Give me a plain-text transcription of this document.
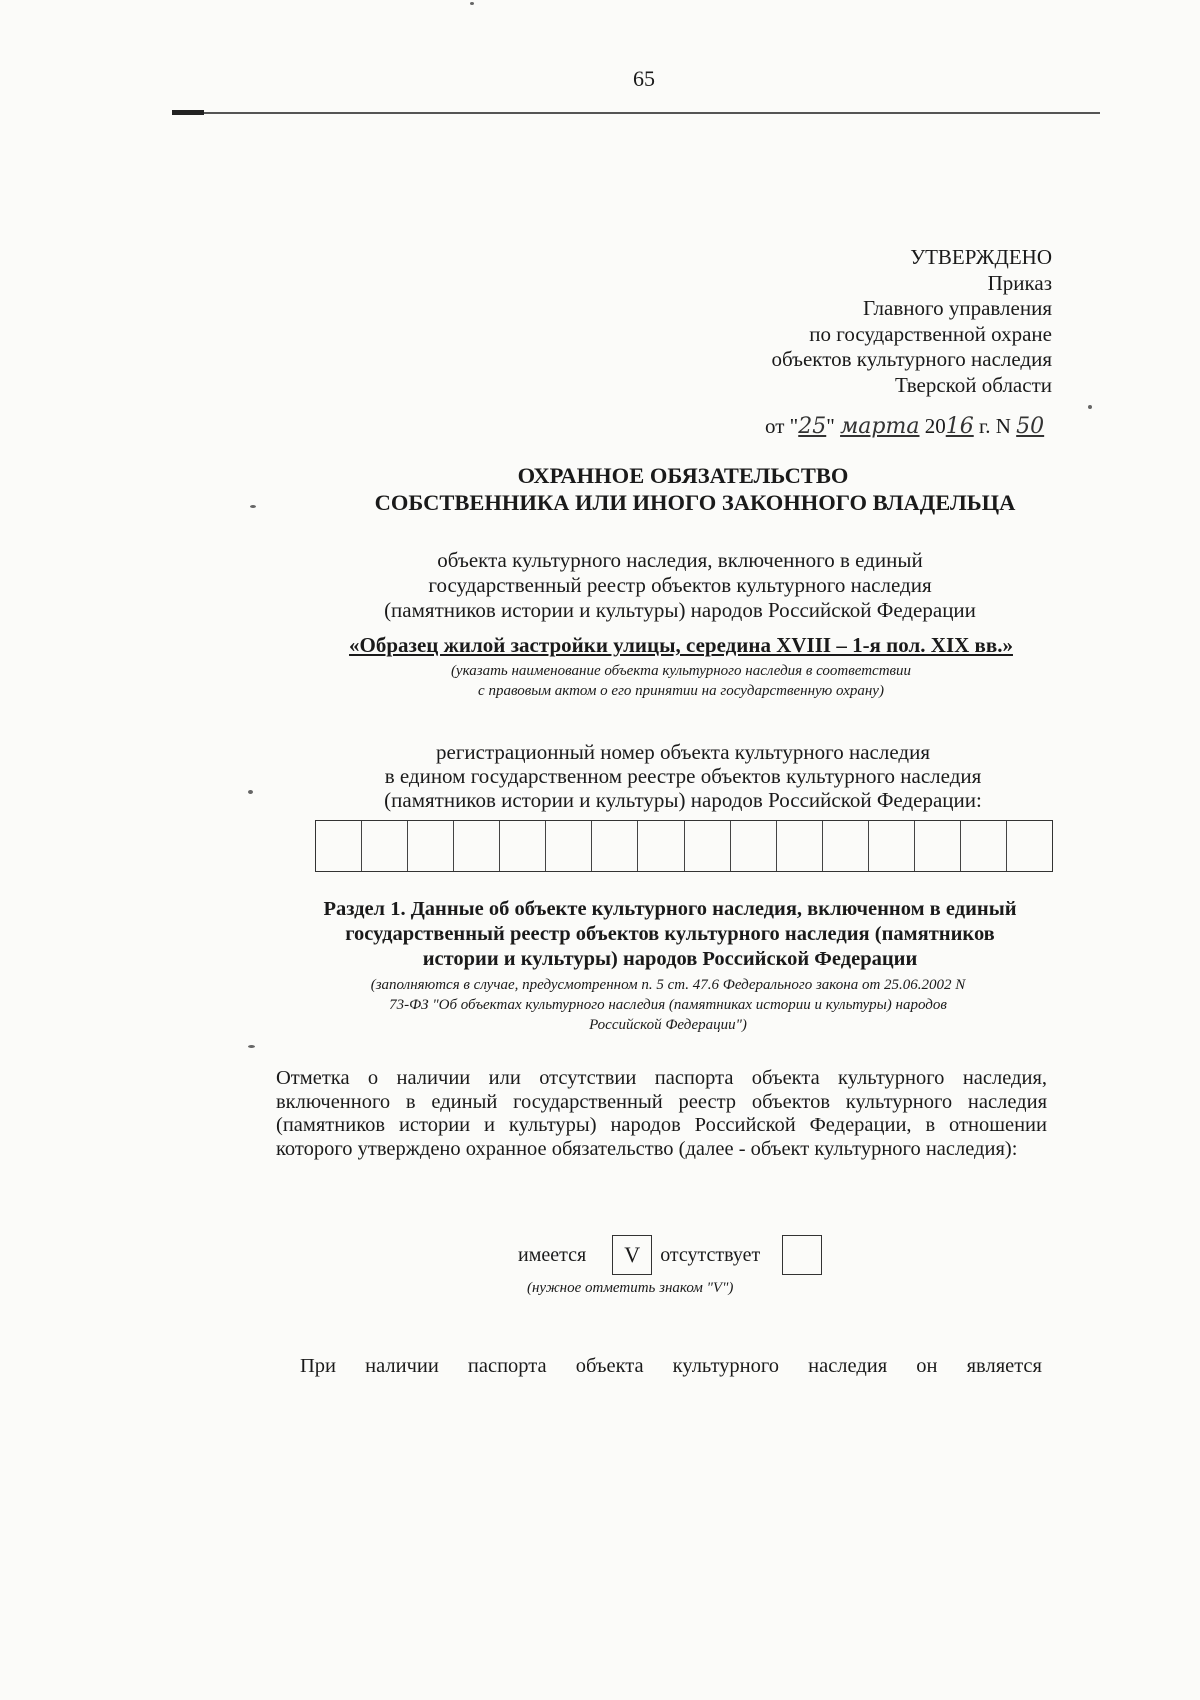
65
УТВЕРЖДЕНО
Приказ
Главного управления
по государственной охране
объектов культурного наследия
Тверской области
от "25" марта 2016 г. N 50
ОХРАННОЕ ОБЯЗАТЕЛЬСТВО
СОБСТВЕННИКА ИЛИ ИНОГО ЗАКОННОГО ВЛАДЕЛЬЦА
объекта культурного наследия, включенного в единый
государственный реестр объектов культурного наследия
(памятников истории и культуры) народов Российской Федерации
«Образец жилой застройки улицы, середина XVIII – 1-я пол. XIX вв.»
(указать наименование объекта культурного наследия в соответствии
с правовым актом о его принятии на государственную охрану)
регистрационный номер объекта культурного наследия
в едином государственном реестре объектов культурного наследия
(памятников истории и культуры) народов Российской Федерации:
Раздел 1. Данные об объекте культурного наследия, включенном в единый
государственный реестр объектов культурного наследия (памятников
истории и культуры) народов Российской Федерации
(заполняются в случае, предусмотренном п. 5 ст. 47.6 Федерального закона от 25.06.2002 N
73-ФЗ "Об объектах культурного наследия (памятниках истории и культуры) народов
Российской Федерации")
Отметка о наличии или отсутствии паспорта объекта культурного наследия, включенного в единый государственный реестр объектов культурного наследия (памятников истории и культуры) народов Российской Федерации, в отношении которого утверждено охранное обязательство (далее - объект культурного наследия):
имеется	V	отсутствует
(нужное отметить знаком "V")
При наличии паспорта объекта культурного наследия он является
